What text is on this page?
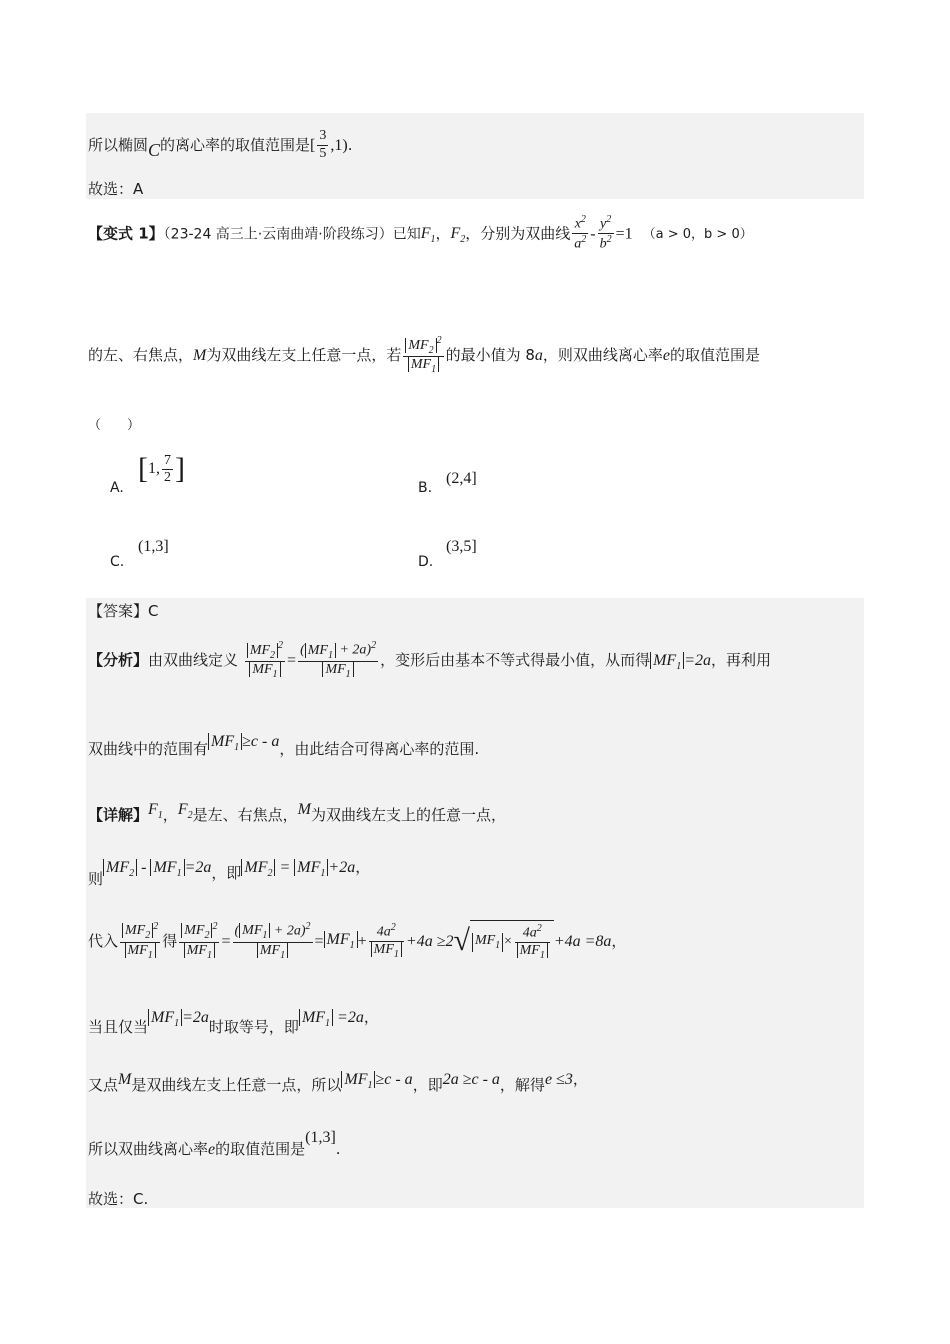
所以椭圆C的离心率的取值范围是[ $\frac{3}{5} ,1$).
故选：A
【变式 1】（23-24 高三上·云南曲靖·阶段练习）已知$F_1$，$F_2$，分别为双曲线 $\frac{x^2}{a^2} - \frac{y^2}{b^2} =1$ （a > 0，b > 0）
的左、右焦点，M为双曲线左支上任意一点，若 $\frac{MF_2^2}{MF_1}$ 的最小值为 8a，则双曲线离心率e的取值范围是
（　　）
A.
[ 1, $\frac{7}{2}$ ]
B.
(2,4]
C.
(1,3]
D.
(3,5]
【答案】C
【分析】由双曲线定义 $\frac{MF_2^2}{MF_1} = \frac{( MF_1 + 2a)^2}{MF_1}$ ，变形后由基本不等式得最小值，从而得 $MF_1 =2a$，再利用
双曲线中的范围有 $MF_1 \ge c - a$，由此结合可得离心率的范围.
【详解】$F_1$，$F_2$是左、右焦点，M为双曲线左支上的任意一点，
则$MF_2 - MF_1 =2a$，即 $MF_2 = MF_1 +2a$，
代入 $\frac{MF_2^2}{MF_1}$ 得 $\frac{MF_2^2}{MF_1} = \frac{( MF_1 + 2a)^2}{MF_1} = MF_1 + \frac{4a^2}{MF_1} +4a \ge 2$ √ $MF_1 \times \frac{4a^2}{MF_1} +4a =8a$ ，
当且仅当$MF_1 =2a$时取等号，即$MF_1 =2a$，
又点M是双曲线左支上任意一点，所以 $MF_1 \ge c - a$，即2a ≥c - a，解得e ≤3，
所以双曲线离心率e的取值范围是(1,3].
故选：C.
